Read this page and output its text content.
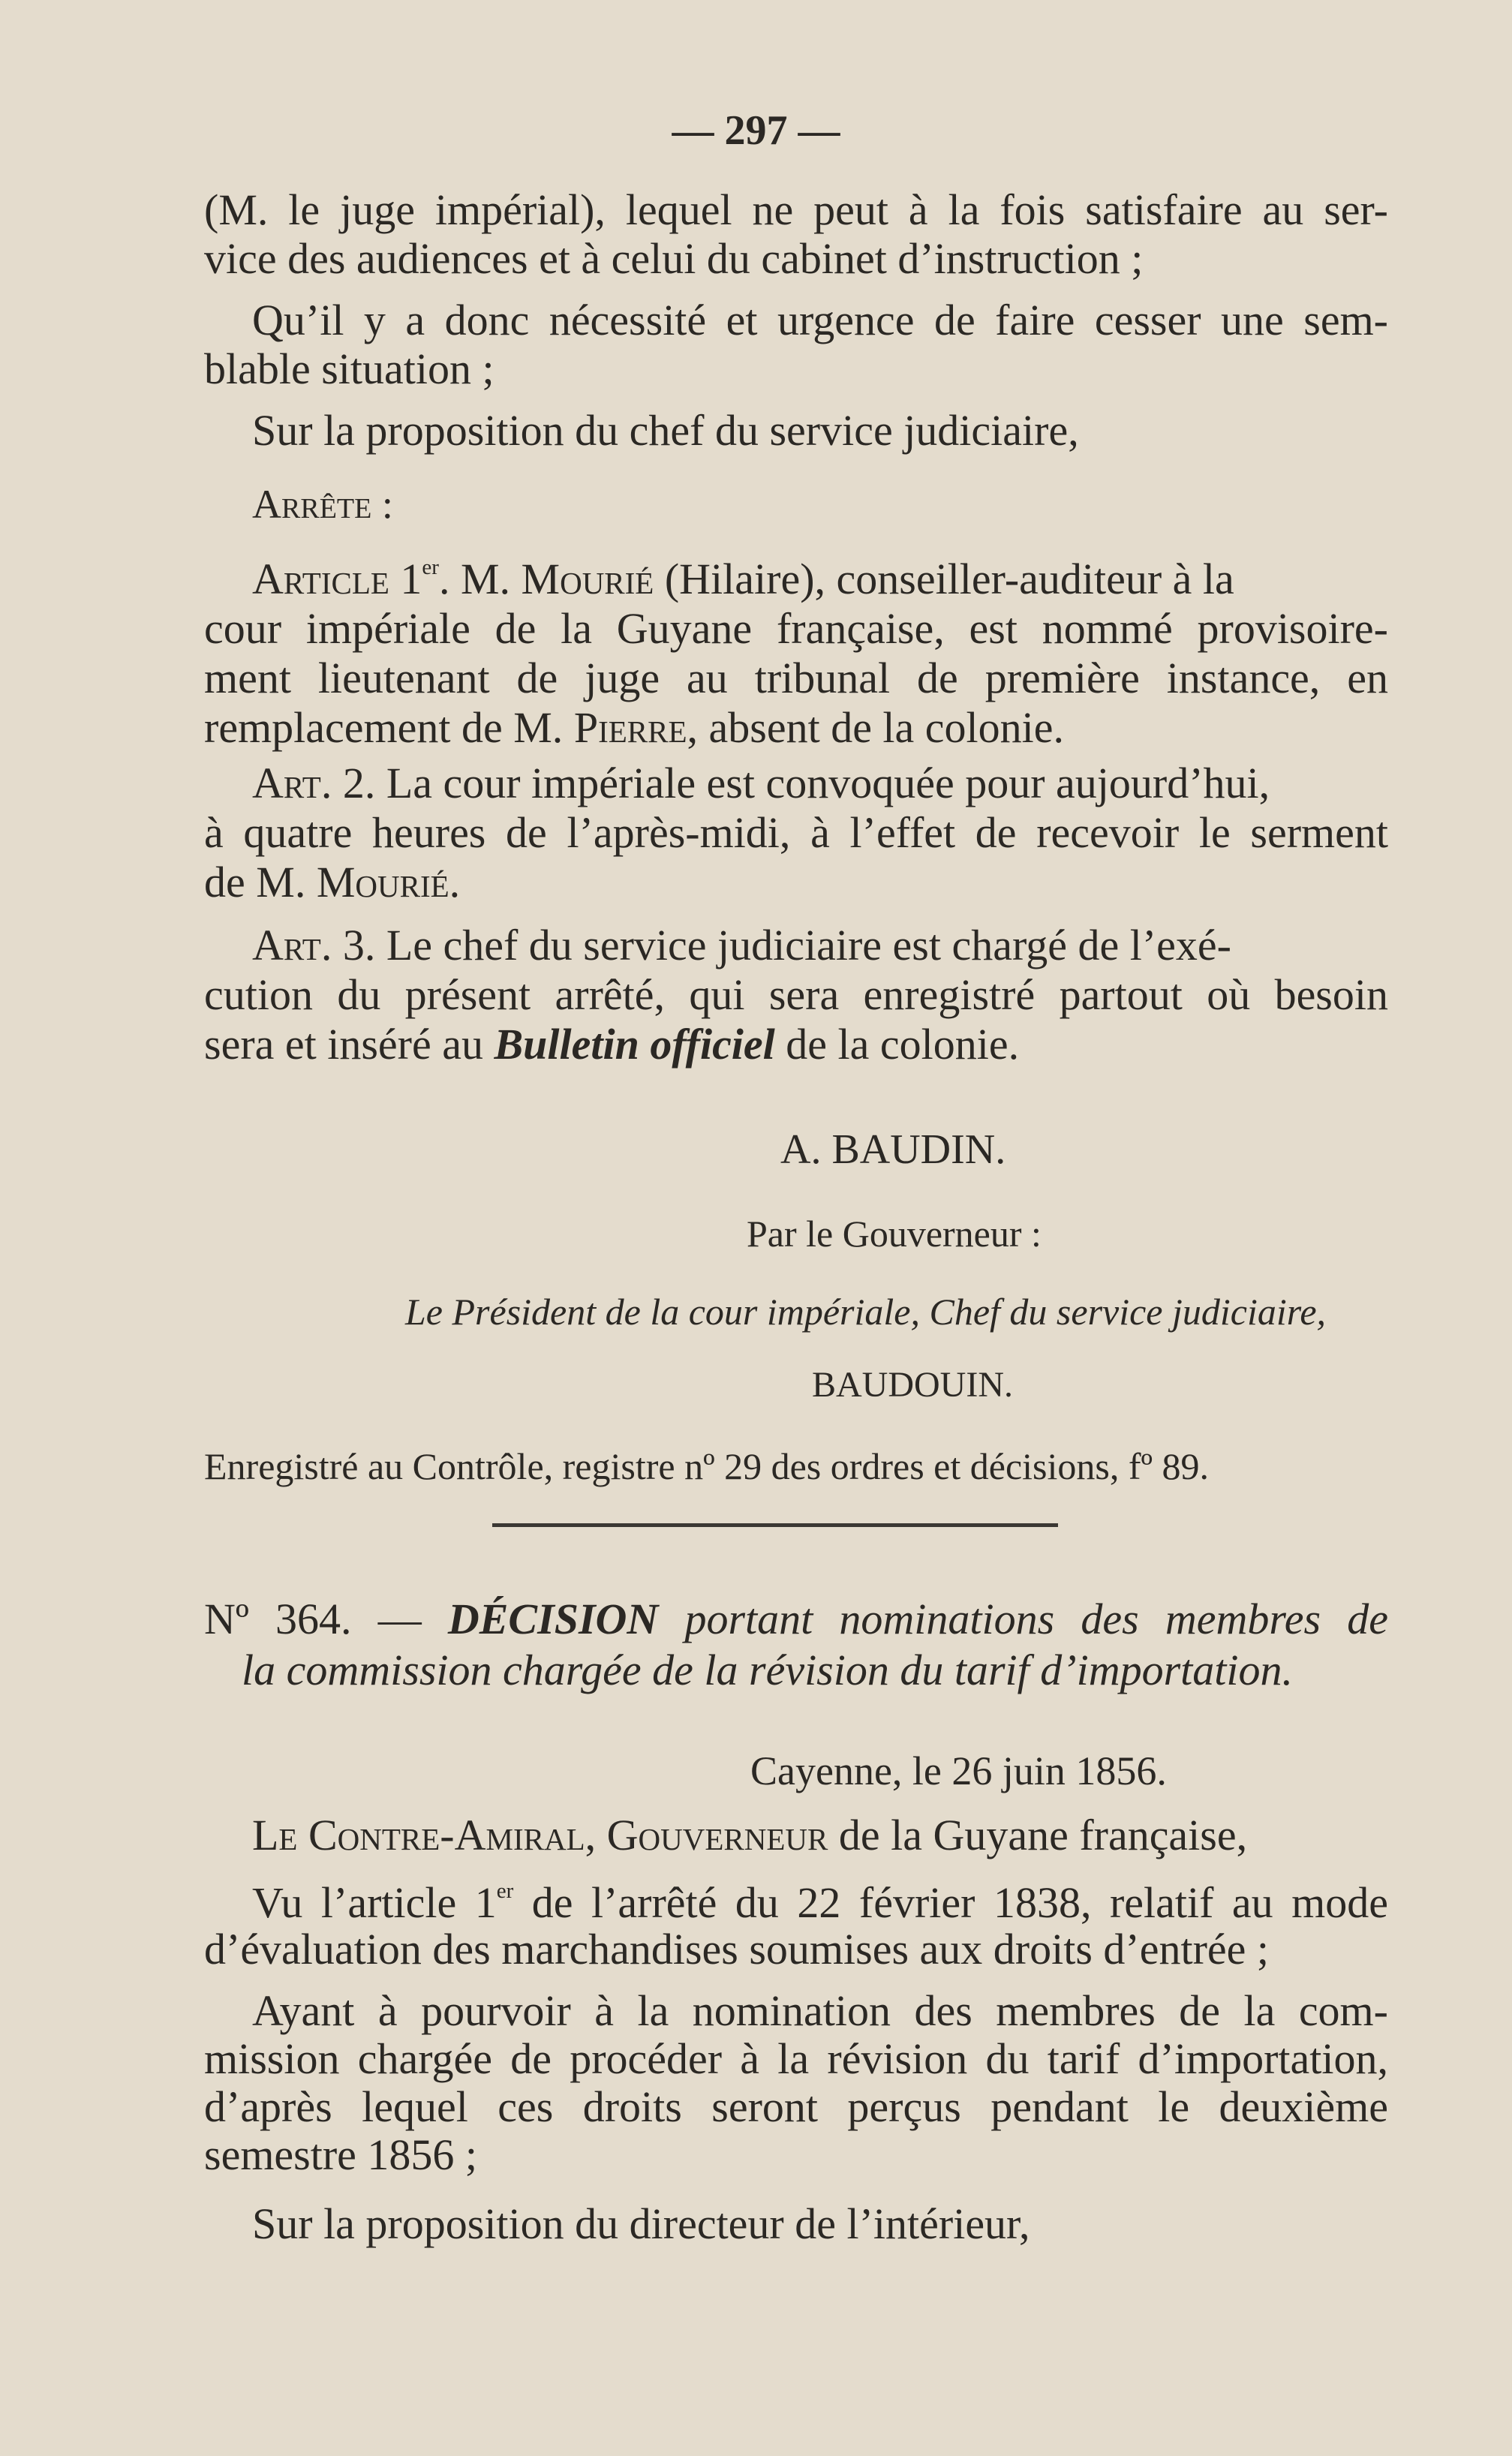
— 297 —
(M. le juge impérial), lequel ne peut à la fois satisfaire au ser-
vice des audiences et à celui du cabinet d’instruction ;
Qu’il y a donc nécessité et urgence de faire cesser une sem-
blable situation ;
Sur la proposition du chef du service judiciaire,
Arrête :
Article 1er. M. Mourié (Hilaire), conseiller-auditeur à la
cour impériale de la Guyane française, est nommé provisoire-
ment lieutenant de juge au tribunal de première instance, en
remplacement de M. Pierre, absent de la colonie.
Art. 2. La cour impériale est convoquée pour aujourd’hui,
à quatre heures de l’après-midi, à l’effet de recevoir le serment
de M. Mourié.
Art. 3. Le chef du service judiciaire est chargé de l’exé-
cution du présent arrêté, qui sera enregistré partout où besoin
sera et inséré au Bulletin officiel de la colonie.
A. BAUDIN.
Par le Gouverneur :
Le Président de la cour impériale, Chef du service judiciaire,
BAUDOUIN.
Enregistré au Contrôle, registre nº 29 des ordres et décisions, fº 89.
Nº 364. — DÉCISION portant nominations des membres de
la commission chargée de la révision du tarif d’importation.
Cayenne, le 26 juin 1856.
Le Contre-Amiral, Gouverneur de la Guyane française,
Vu l’article 1er de l’arrêté du 22 février 1838, relatif au mode
d’évaluation des marchandises soumises aux droits d’entrée ;
Ayant à pourvoir à la nomination des membres de la com-
mission chargée de procéder à la révision du tarif d’importation,
d’après lequel ces droits seront perçus pendant le deuxième
semestre 1856 ;
Sur la proposition du directeur de l’intérieur,
